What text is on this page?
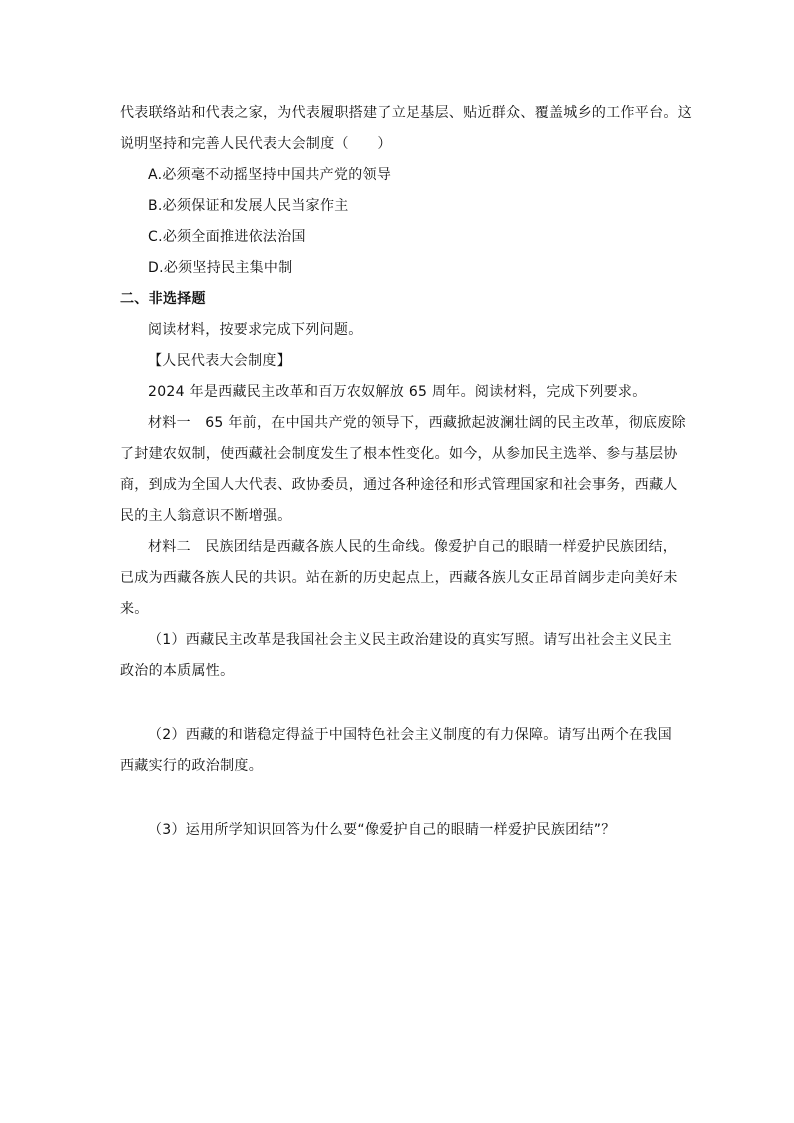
代表联络站和代表之家，为代表履职搭建了立足基层、贴近群众、覆盖城乡的工作平台。这
说明坚持和完善人民代表大会制度（　　）
A.必须毫不动摇坚持中国共产党的领导
B.必须保证和发展人民当家作主
C.必须全面推进依法治国
D.必须坚持民主集中制
二、非选择题
阅读材料，按要求完成下列问题。
【人民代表大会制度】
2024 年是西藏民主改革和百万农奴解放 65 周年。阅读材料，完成下列要求。
材料一　65 年前，在中国共产党的领导下，西藏掀起波澜壮阔的民主改革，彻底废除
了封建农奴制，使西藏社会制度发生了根本性变化。如今，从参加民主选举、参与基层协
商，到成为全国人大代表、政协委员，通过各种途径和形式管理国家和社会事务，西藏人
民的主人翁意识不断增强。
材料二　民族团结是西藏各族人民的生命线。像爱护自己的眼睛一样爱护民族团结，
已成为西藏各族人民的共识。站在新的历史起点上，西藏各族儿女正昂首阔步走向美好未
来。
（1）西藏民主改革是我国社会主义民主政治建设的真实写照。请写出社会主义民主
政治的本质属性。
（2）西藏的和谐稳定得益于中国特色社会主义制度的有力保障。请写出两个在我国
西藏实行的政治制度。
（3）运用所学知识回答为什么要“像爱护自己的眼睛一样爱护民族团结”？
